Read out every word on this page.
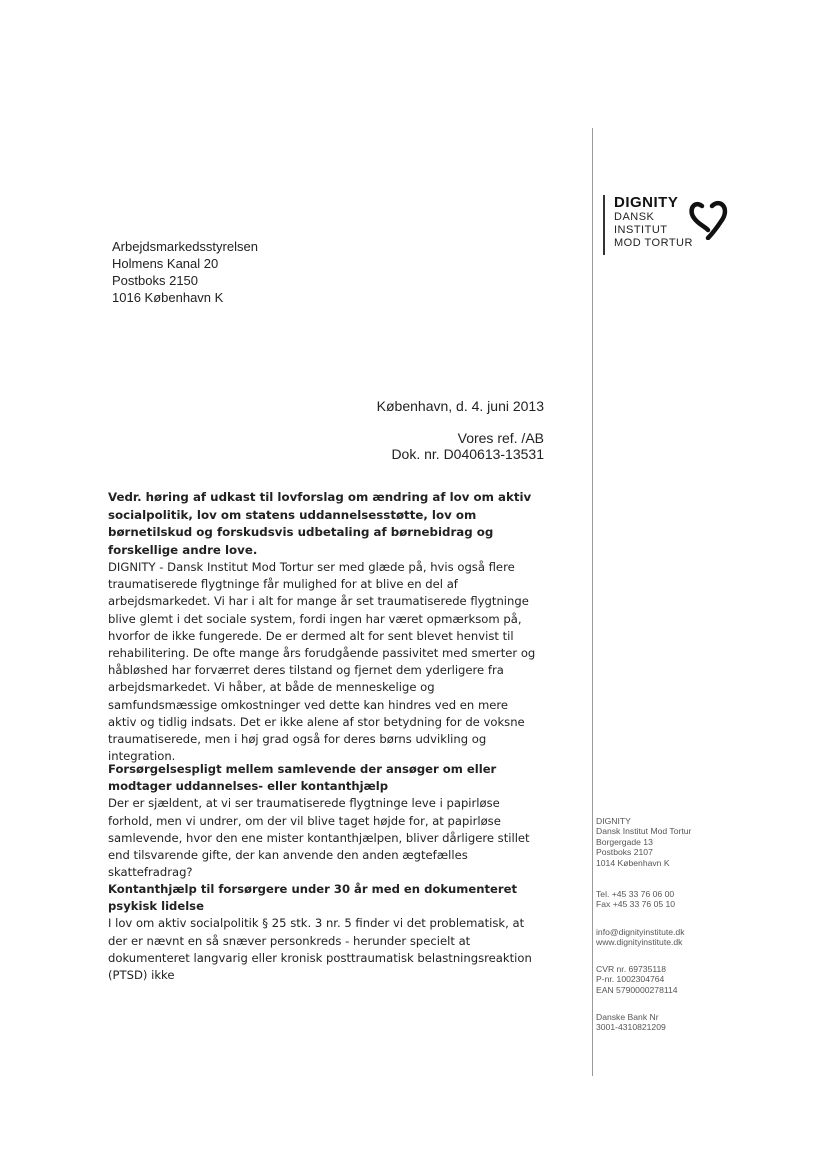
DIGNITY
DANSK
INSTITUT
MOD TORTUR
Arbejdsmarkedsstyrelsen
Holmens Kanal 20
Postboks 2150
1016 København K
København, d. 4. juni 2013
Vores ref. /AB
Dok. nr. D040613-13531
Vedr. høring af udkast til lovforslag om ændring af lov om aktiv socialpolitik, lov om statens uddannelsesstøtte, lov om børnetilskud og forskudsvis udbetaling af børnebidrag og forskellige andre love.
DIGNITY - Dansk Institut Mod Tortur ser med glæde på, hvis også flere traumatiserede flygtninge får mulighed for at blive en del af arbejdsmarkedet. Vi har i alt for mange år set traumatiserede flygtninge blive glemt i det sociale system, fordi ingen har været opmærksom på, hvorfor de ikke fungerede. De er dermed alt for sent blevet henvist til rehabilitering. De ofte mange års forudgående passivitet med smerter og håbløshed har forværret deres tilstand og fjernet dem yderligere fra arbejdsmarkedet. Vi håber, at både de menneskelige og samfundsmæssige omkostninger ved dette kan hindres ved en mere aktiv og tidlig indsats. Det er ikke alene af stor betydning for de voksne traumatiserede, men i høj grad også for deres børns udvikling og integration.

Forsørgelsespligt mellem samlevende der ansøger om eller modtager uddannelses- eller kontanthjælp

Der er sjældent, at vi ser traumatiserede flygtninge leve i papirløse forhold, men vi undrer, om der vil blive taget højde for, at papirløse samlevende, hvor den ene mister kontanthjælpen, bliver dårligere stillet end tilsvarende gifte, der kan anvende den anden ægtefælles skattefradrag?

Kontanthjælp til forsørgere under 30 år med en dokumenteret psykisk lidelse

I lov om aktiv socialpolitik § 25 stk. 3 nr. 5 finder vi det problematisk, at der er nævnt en så snæver personkreds - herunder specielt at dokumenteret langvarig eller kronisk posttraumatisk belastningsreaktion (PTSD) ikke

DIGNITY
Dansk Institut Mod Tortur
Borgergade 13
Postboks 2107
1014 København K
Tel. +45 33 76 06 00
Fax +45 33 76 05 10
info@dignityinstitute.dk
www.dignityinstitute.dk
CVR nr. 69735118
P-nr. 1002304764
EAN 5790000278114
Danske Bank Nr
3001-4310821209
